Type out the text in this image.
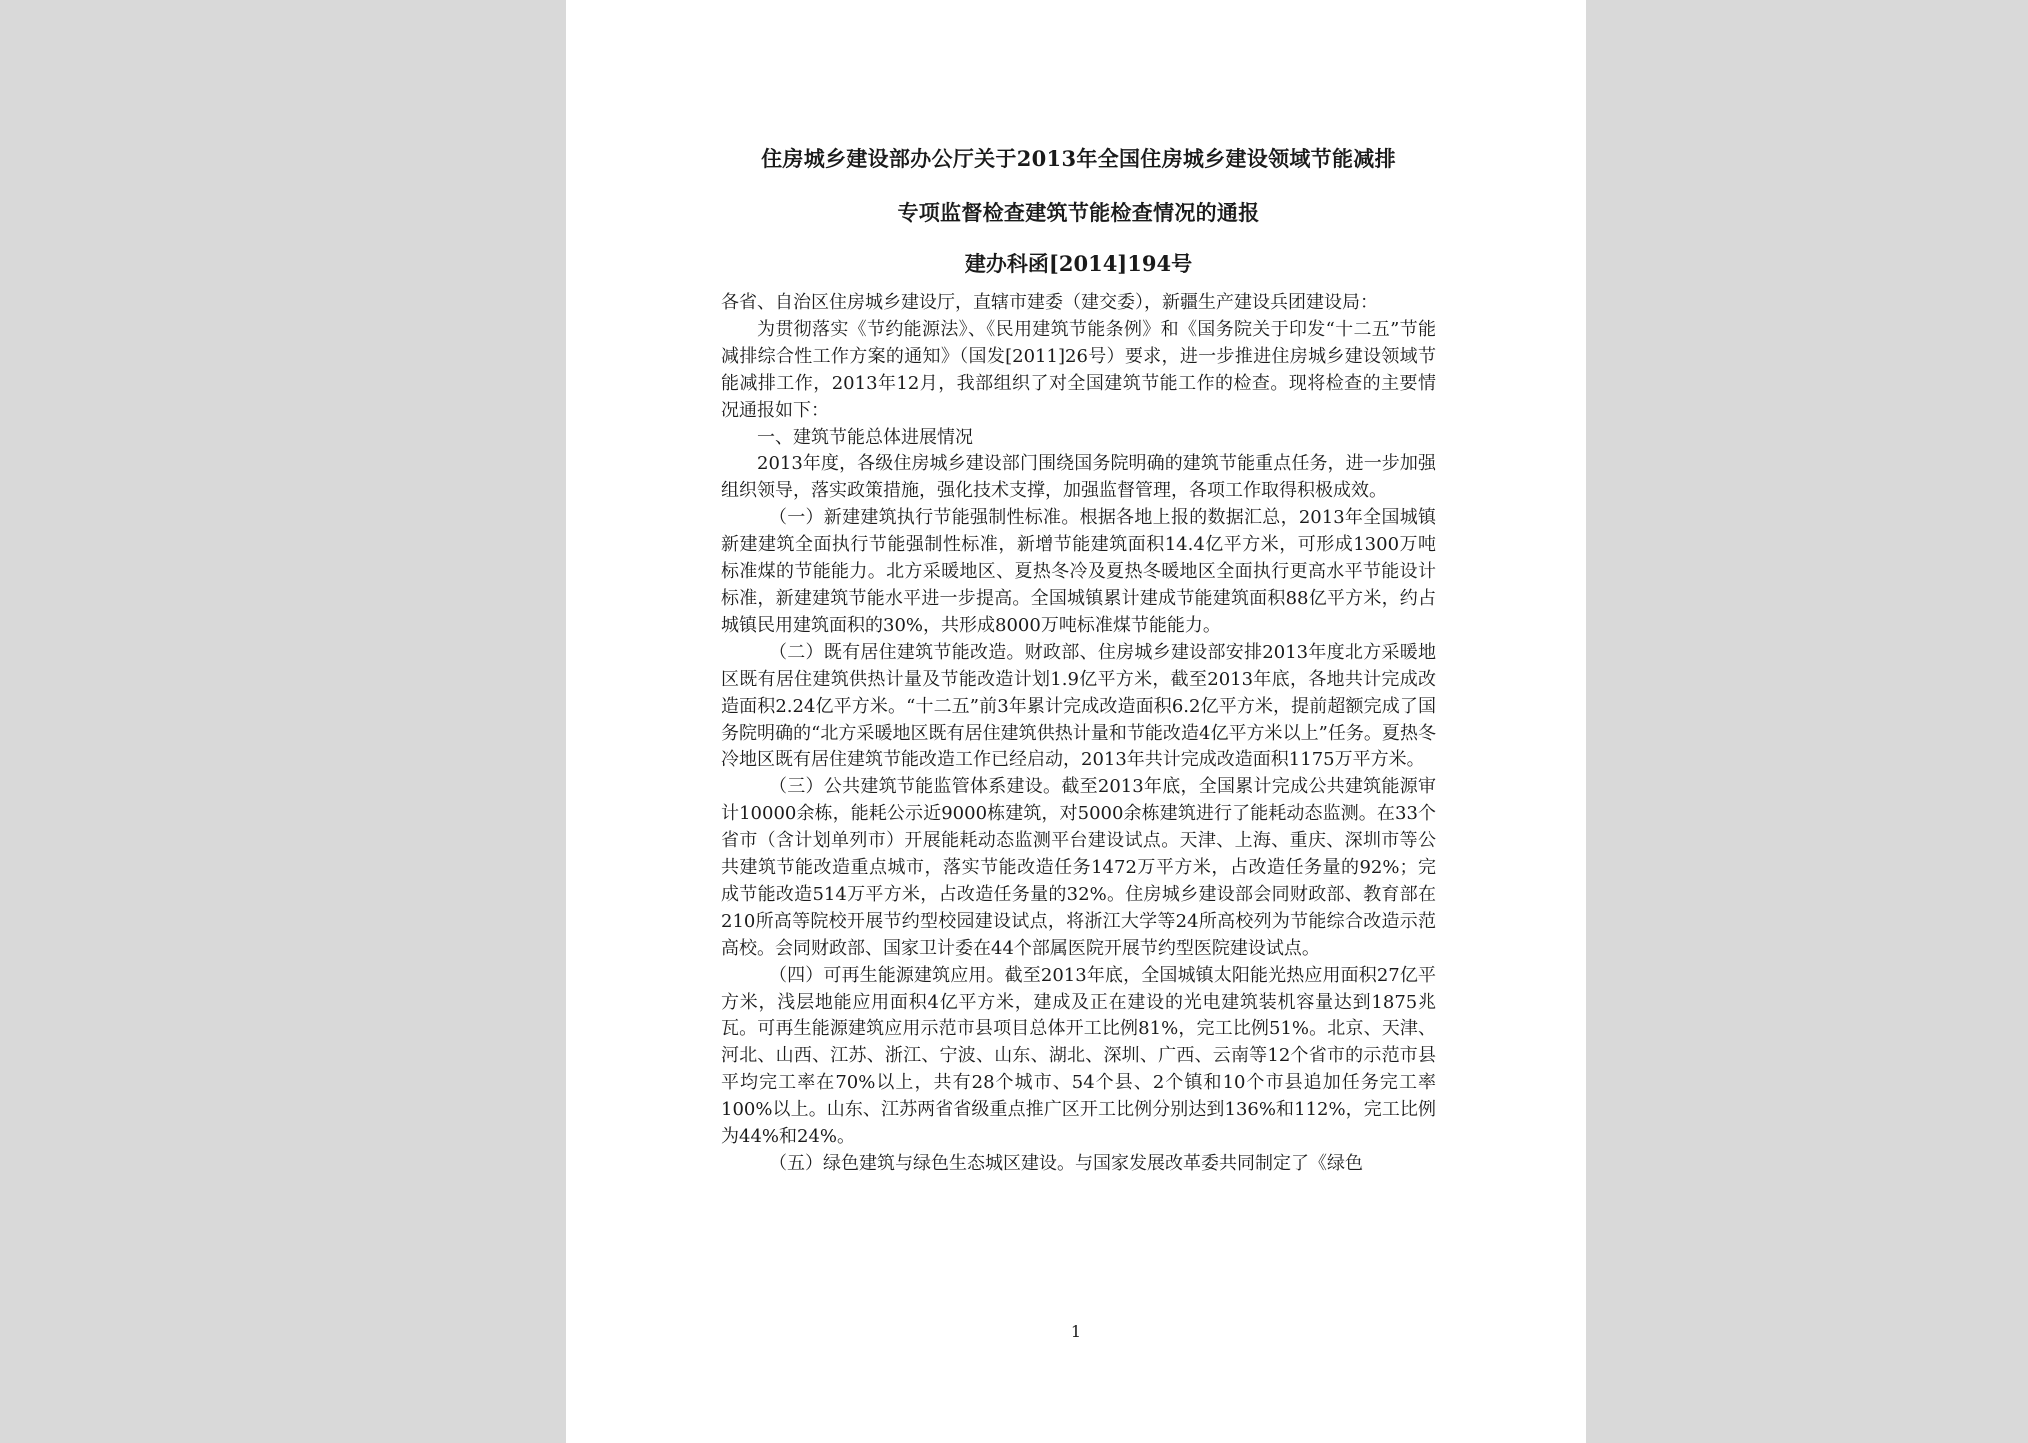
住房城乡建设部办公厅关于2013年全国住房城乡建设领域节能减排

专项监督检查建筑节能检查情况的通报

建办科函[2014]194号

各省、自治区住房城乡建设厅，直辖市建委（建交委），新疆生产建设兵团建设局：

为贯彻落实《节约能源法》、《民用建筑节能条例》和《国务院关于印发“十二五”节能减排综合性工作方案的通知》（国发[2011]26号）要求，进一步推进住房城乡建设领域节能减排工作，2013年12月，我部组织了对全国建筑节能工作的检查。现将检查的主要情况通报如下：

一、建筑节能总体进展情况

2013年度，各级住房城乡建设部门围绕国务院明确的建筑节能重点任务，进一步加强组织领导，落实政策措施，强化技术支撑，加强监督管理，各项工作取得积极成效。

（一）新建建筑执行节能强制性标准。根据各地上报的数据汇总，2013年全国城镇新建建筑全面执行节能强制性标准，新增节能建筑面积14.4亿平方米，可形成1300万吨标准煤的节能能力。北方采暖地区、夏热冬冷及夏热冬暖地区全面执行更高水平节能设计标准，新建建筑节能水平进一步提高。全国城镇累计建成节能建筑面积88亿平方米，约占城镇民用建筑面积的30%，共形成8000万吨标准煤节能能力。

（二）既有居住建筑节能改造。财政部、住房城乡建设部安排2013年度北方采暖地区既有居住建筑供热计量及节能改造计划1.9亿平方米，截至2013年底，各地共计完成改造面积2.24亿平方米。“十二五”前3年累计完成改造面积6.2亿平方米，提前超额完成了国务院明确的“北方采暖地区既有居住建筑供热计量和节能改造4亿平方米以上”任务。夏热冬冷地区既有居住建筑节能改造工作已经启动，2013年共计完成改造面积1175万平方米。

（三）公共建筑节能监管体系建设。截至2013年底，全国累计完成公共建筑能源审计10000余栋，能耗公示近9000栋建筑，对5000余栋建筑进行了能耗动态监测。在33个省市（含计划单列市）开展能耗动态监测平台建设试点。天津、上海、重庆、深圳市等公共建筑节能改造重点城市，落实节能改造任务1472万平方米，占改造任务量的92%；完成节能改造514万平方米，占改造任务量的32%。住房城乡建设部会同财政部、教育部在210所高等院校开展节约型校园建设试点，将浙江大学等24所高校列为节能综合改造示范高校。会同财政部、国家卫计委在44个部属医院开展节约型医院建设试点。

（四）可再生能源建筑应用。截至2013年底，全国城镇太阳能光热应用面积27亿平方米，浅层地能应用面积4亿平方米，建成及正在建设的光电建筑装机容量达到1875兆瓦。可再生能源建筑应用示范市县项目总体开工比例81%，完工比例51%。北京、天津、河北、山西、江苏、浙江、宁波、山东、湖北、深圳、广西、云南等12个省市的示范市县平均完工率在70%以上，共有28个城市、54个县、2个镇和10个市县追加任务完工率100%以上。山东、江苏两省省级重点推广区开工比例分别达到136%和112%，完工比例为44%和24%。

（五）绿色建筑与绿色生态城区建设。与国家发展改革委共同制定了《绿色

1
